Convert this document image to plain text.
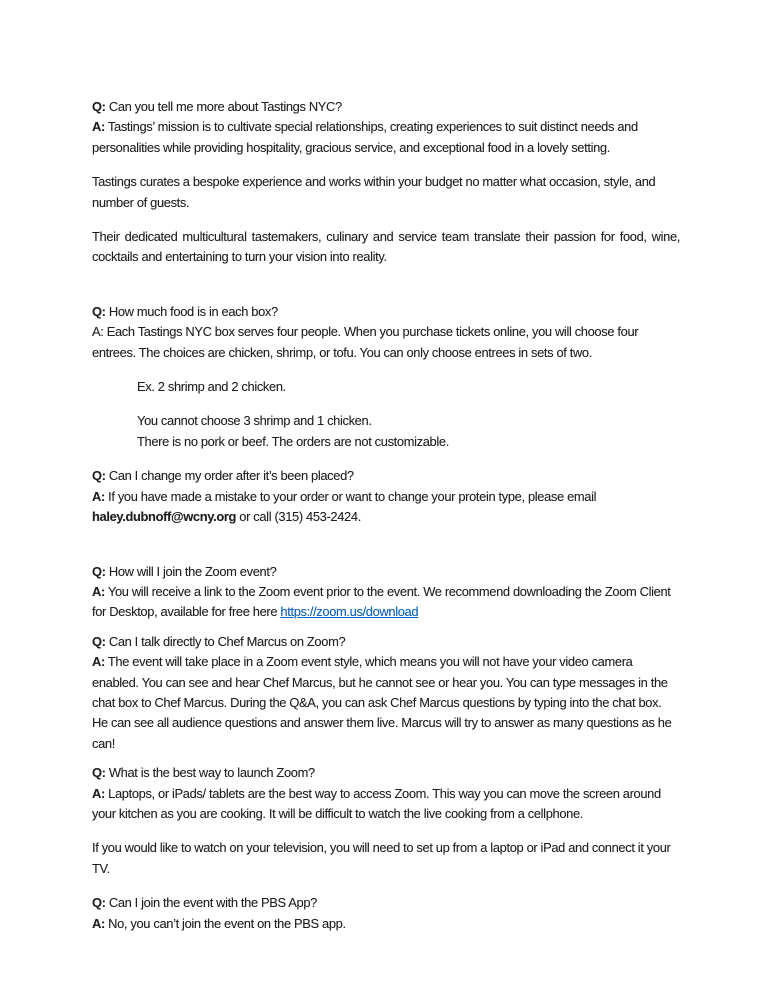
Q: Can you tell me more about Tastings NYC?

A: Tastings’ mission is to cultivate special relationships, creating experiences to suit distinct needs and personalities while providing hospitality, gracious service, and exceptional food in a lovely setting.

Tastings curates a bespoke experience and works within your budget no matter what occasion, style, and number of guests.

Their dedicated multicultural tastemakers, culinary and service team translate their passion for food, wine, cocktails and entertaining to turn your vision into reality.

Q: How much food is in each box?

A: Each Tastings NYC box serves four people. When you purchase tickets online, you will choose four entrees. The choices are chicken, shrimp, or tofu. You can only choose entrees in sets of two.

Ex. 2 shrimp and 2 chicken.

You cannot choose 3 shrimp and 1 chicken.

There is no pork or beef. The orders are not customizable.

Q: Can I change my order after it’s been placed?

A: If you have made a mistake to your order or want to change your protein type, please email haley.dubnoff@wcny.org or call (315) 453-2424.

Q: How will I join the Zoom event?

A: You will receive a link to the Zoom event prior to the event. We recommend downloading the Zoom Client for Desktop, available for free here https://zoom.us/download

Q: Can I talk directly to Chef Marcus on Zoom?

A: The event will take place in a Zoom event style, which means you will not have your video camera enabled. You can see and hear Chef Marcus, but he cannot see or hear you. You can type messages in the chat box to Chef Marcus. During the Q&A, you can ask Chef Marcus questions by typing into the chat box. He can see all audience questions and answer them live. Marcus will try to answer as many questions as he can!

Q: What is the best way to launch Zoom?

A: Laptops, or iPads/ tablets are the best way to access Zoom. This way you can move the screen around your kitchen as you are cooking. It will be difficult to watch the live cooking from a cellphone.

If you would like to watch on your television, you will need to set up from a laptop or iPad and connect it your TV.

Q: Can I join the event with the PBS App?

A: No, you can’t join the event on the PBS app.
